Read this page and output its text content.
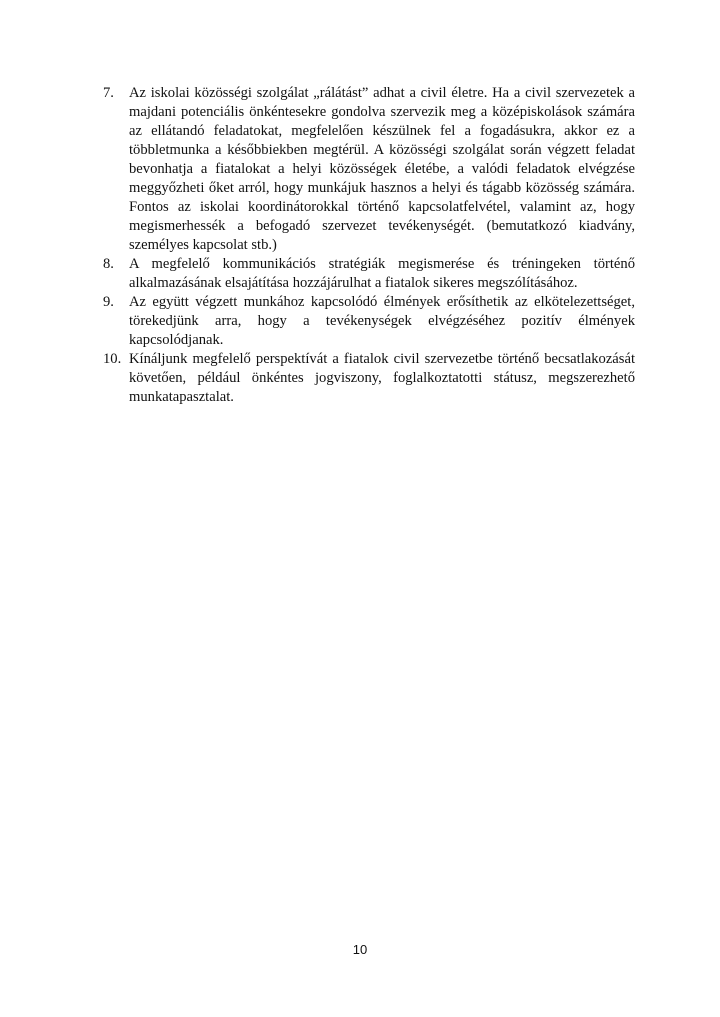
7.	Az iskolai közösségi szolgálat „rálátást” adhat a civil életre. Ha a civil szervezetek a majdani potenciális önkéntesekre gondolva szervezik meg a középiskolások számára az ellátandó feladatokat, megfelelően készülnek fel a fogadásukra, akkor ez a többletmunka a későbbiekben megtérül. A közösségi szolgálat során végzett feladat bevonhatja a fiatalokat a helyi közösségek életébe, a valódi feladatok elvégzése meggyőzheti őket arról, hogy munkájuk hasznos a helyi és tágabb közösség számára. Fontos az iskolai koordinátorokkal történő kapcsolatfelvétel, valamint az, hogy megismerhessék a befogadó szervezet tevékenységét. (bemutatkozó kiadvány, személyes kapcsolat stb.)
8.	A megfelelő kommunikációs stratégiák megismerése és tréningeken történő alkalmazásának elsajátítása hozzájárulhat a fiatalok sikeres megszólításához.
9.	Az együtt végzett munkához kapcsolódó élmények erősíthetik az elkötelezettséget, törekedjünk arra, hogy a tevékenységek elvégzéséhez pozitív élmények kapcsolódjanak.
10. Kínáljunk megfelelő perspektívát a fiatalok civil szervezetbe történő becsatlakozását követően, például önkéntes jogviszony, foglalkoztatotti státusz, megszerezhető munkatapasztalat.
10
